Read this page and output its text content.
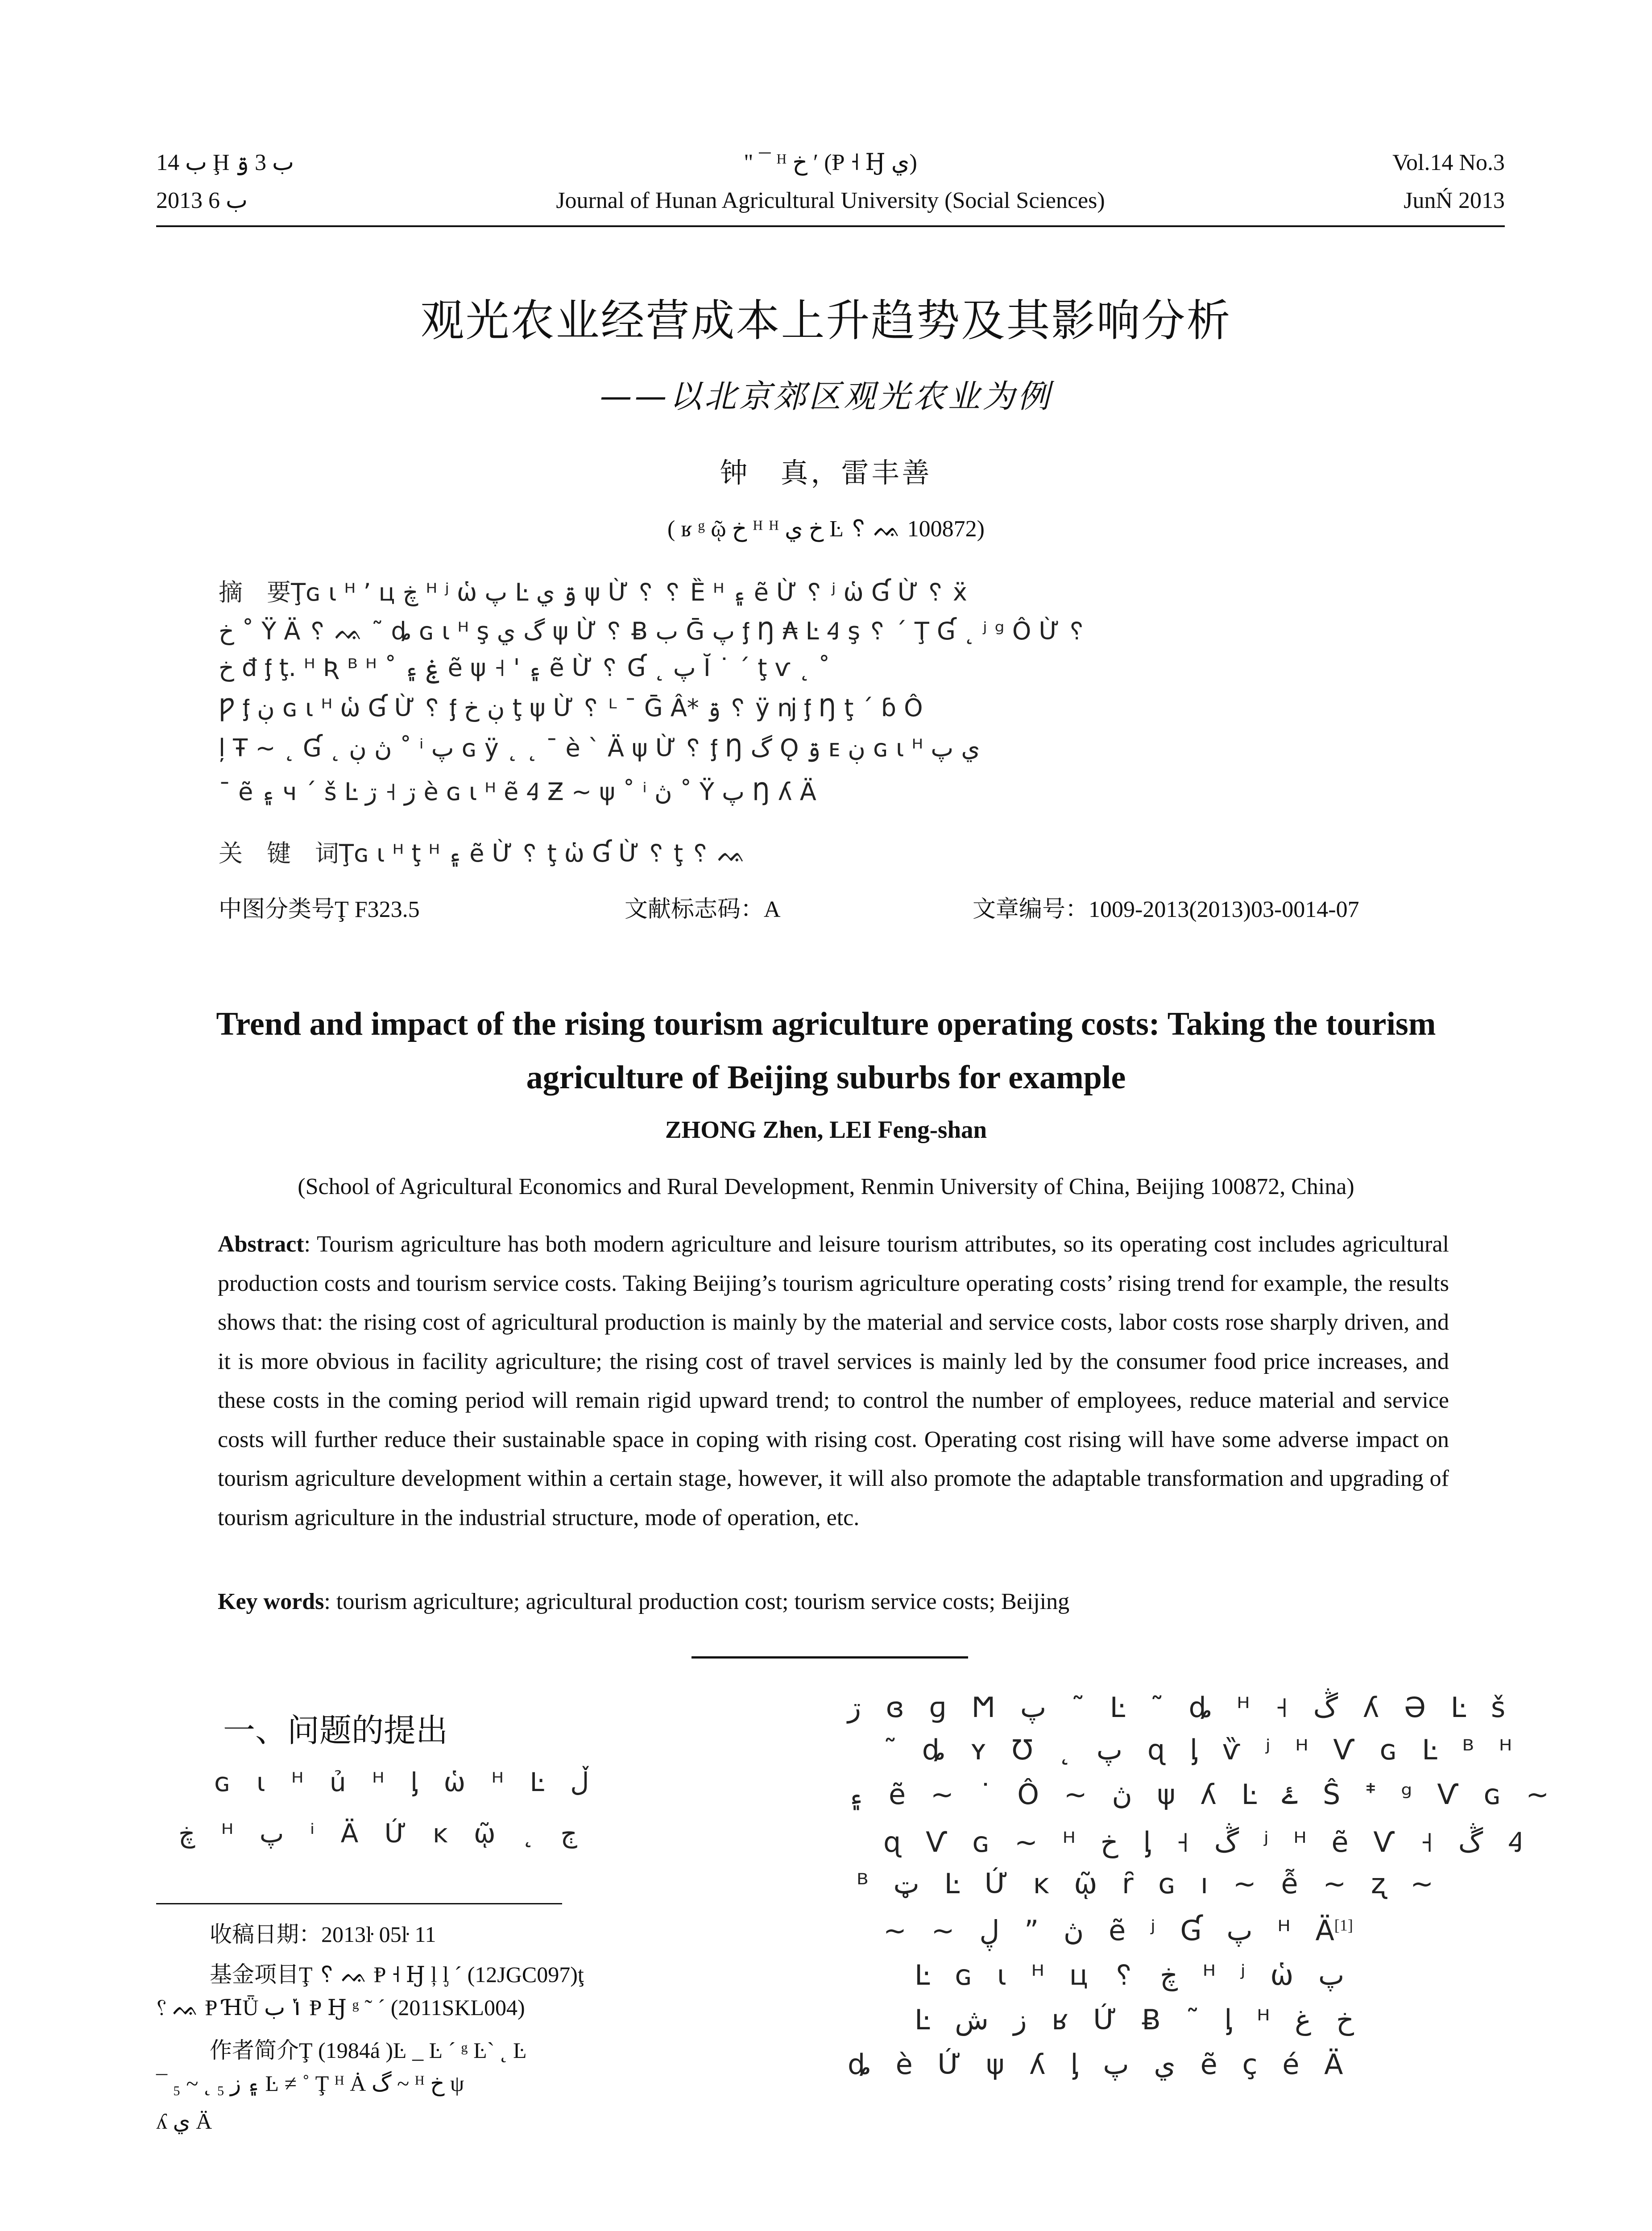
ب 14 Ḩ ب 3 ۊ	" ¯ ᴴ خ ʹ (Ᵽ ˧ Ꜧ ي)	Vol.14 No.3
2013 ب 6	Journal of Hunan Agricultural University (Social Sciences)	JunŃ 2013
观光农业经营成本上升趋势及其影响分析
——以北京郊区观光农业为例
钟　真，雷丰善
( ʁ ᵍ ῷ خ ᴴ ᴴ خ ي Ŀ ␦ ᨕ 100872)
摘　要Ţɢ ɩ ᴴ ʼ ц ڿ ᴴ ʲ ὡ پ Ŀ ۊ ي ψ Ừ ␦ ␦ Ȅ ᴴ ۽ ẽ Ừ ␦ ʲ ὡ Ɠ Ừ ␦ ẍ
خ ˚ Ÿ Ä ␦ ᨕ ˜ ȡ ɢ ɩ ᴴ ş گ ي ψ Ừ ␦ Ƀ ب Ḡ پ ᶂ Ŋ ₳ Ŀ Ꜭ ş ␦ ˊ Ţ Ɠ ˛ ʲ ᵍ Ô Ừ ␦
خ đ ᶂ ţ. ᴴ Ʀ ᴮ ᴴ ˚ ۼ ۽ ẽ ψ ˧ ' ۽ ẽ Ừ ␦ Ɠ ˛ پ Ĭ ˙ ˊ ţ ѵ ˛ ˚
Ƿ ᶂ ڹ ɢ ɩ ᴴ ὡ Ɠ Ừ ␦ ᶂ ڹ خ ţ ψ Ừ ␦ ᴸ ¯ Ḡ Â* ۊ ␦ ÿ ǌ ᶂ Ŋ ţ ˊ ɓ Ô
ļ Ŧ ~ ˛ Ɠ ˛ ڽ ڹ ˚ ⁱ پ ɢ ÿ ˛ ˛ ¯ è ˋ Ä ψ Ừ ␦ ᶂ Ŋ گ Ǫ ۊ ᴇ ڹ ɢ ɩ ᴴ ي پ
¯ ẽ ۽ ч ˊ š Ŀ ڗ ˧ ڗ è ɢ ɩ ᴴ ẽ Ꜭ Ƶ ~ ψ ˚ ⁱ ڽ ˚ Ÿ پ Ŋ ʎ Ä
关　键　词Ţɢ ɩ ᴴ ţ ᴴ ۽ ẽ Ừ ␦ ţ ὡ Ɠ Ừ ␦ ţ ␦ ᨕ
中图分类号Ţ F323.5	文献标志码：A	文章编号：1009-2013(2013)03-0014-07
Trend and impact of the rising tourism agriculture operating costs: Taking the tourism agriculture of Beijing suburbs for example
ZHONG Zhen, LEI Feng-shan
(School of Agricultural Economics and Rural Development, Renmin University of China, Beijing 100872, China)
Abstract: Tourism agriculture has both modern agriculture and leisure tourism attributes, so its operating cost includes agricultural production costs and tourism service costs. Taking Beijing’s tourism agriculture operating costs’ rising trend for example, the results shows that: the rising cost of agricultural production is mainly by the material and service costs, labor costs rose sharply driven, and it is more obvious in facility agriculture; the rising cost of travel services is mainly led by the consumer food price increases, and these costs in the coming period will remain rigid upward trend; to control the number of employees, reduce material and service costs will further reduce their sustainable space in coping with rising cost. Operating cost rising will have some adverse impact on tourism agriculture development within a certain stage, however, it will also promote the adaptable transformation and upgrading of tourism agriculture in the industrial structure, mode of operation, etc.
Key words: tourism agriculture; agricultural production cost; tourism service costs; Beijing
一、问题的提出
ɢ ɩ ᴴ ủ ᴴ ᶅ ὡ ᴴ Ŀ ڵ
ڿ ᴴ پ ⁱ Ä Ứ ĸ ῷ ˛ ڄ
ڗ ɞ ɡ Ϻ پ ˜ Ŀ ˜ ȡ ᴴ ˧ ڴ ʎ Ə Ŀ š
˜ ȡ ʏ Ʊ ˛ پ ɋ ᶅ ѷ ʲ ᴴ Ѵ ɢ Ŀ ᴮ ᴴ
۽ ẽ ~ ˙ Ô ~ ڽ ψ ʎ Ŀ ۓ Ŝ ᙿ ᵍ Ѵ ɢ ~
ɋ Ѵ ɢ ~ ᴴ خ ᶅ ˧ ڴ ʲ ᴴ ẽ Ѵ ˧ ڴ Ꜭ
ᴮ ټ Ŀ Ứ ĸ ῷ ȓ ɢ ı ~ ễ ~ ʐ ~
~ ~ ڸ ˮ ڽ ẽ ʲ Ɠ پ ᴴ Ä[1]
Ŀ ɢ ɩ ᴴ ц ␦ ڿ ᴴ ʲ ὡ پ
Ŀ ز ش ʁ Ứ Ƀ ˜ ᶅ ᴴ خ غ
ȡ è Ứ ψ ʎ ᶅ ي پ ẽ ç é Ä
收稿日期：2013ŀ 05ŀ 11
基金项目Ţ ␦ ᨕ Ᵽ ˧ Ꜧ ļ ᶅ ˊ (12JGC097)ţ
␦ ᨕ Ᵽ ꞪǕ ݳ ب Ᵽ Ꜧ ᵍ ˜ ˊ (2011SKL004)
作者简介Ţ (1984á )Ŀ _ Ŀ ˊ ᵍ Ŀ` ˛ Ŀ
¯ ₅ ~ ˛ ۽ ز ₅ Ŀ ≠ ˚ Ţ ᴴ Ȧ گ ~ ᴴ خ ψ
ʎ ي Ä
